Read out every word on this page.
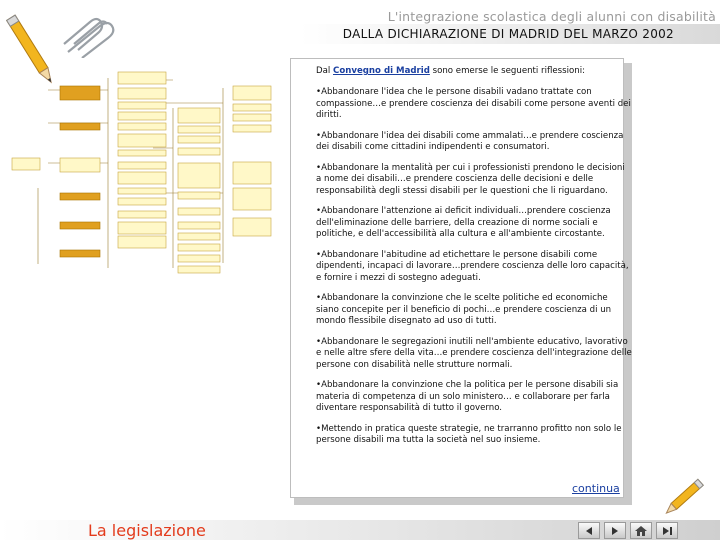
L'integrazione scolastica degli alunni con disabilità
DALLA DICHIARAZIONE DI MADRID DEL MARZO 2002

Dal Convegno di Madrid sono emerse le seguenti riflessioni:

•Abbandonare l'idea che le persone disabili vadano trattate con compassione…e prendere coscienza dei disabili come persone aventi dei diritti.

•Abbandonare l'idea dei disabili come ammalati…e prendere coscienza dei disabili come cittadini indipendenti e consumatori.

•Abbandonare la mentalità per cui i professionisti prendono le decisioni a nome dei disabili…e prendere coscienza delle decisioni e delle responsabilità degli stessi disabili per le questioni che li riguardano.

•Abbandonare l'attenzione ai deficit individuali…prendere coscienza dell'eliminazione delle barriere, della creazione di norme sociali e politiche, e dell'accessibilità alla cultura e all'ambiente circostante.

•Abbandonare l'abitudine ad etichettare le persone disabili come dipendenti, incapaci di lavorare…prendere coscienza delle loro capacità, e fornire i mezzi di sostegno adeguati.

•Abbandonare la convinzione che le scelte politiche ed economiche siano concepite per il beneficio di pochi…e prendere coscienza di un mondo flessibile disegnato ad uso di tutti.

•Abbandonare le segregazioni inutili nell'ambiente educativo, lavorativo e nelle altre sfere della vita…e prendere coscienza dell'integrazione delle persone con disabilità nelle strutture normali.

•Abbandonare la convinzione che la politica per le persone disabili sia materia di competenza di un solo ministero… e collaborare per farla diventare responsabilità di tutto il governo.

•Mettendo in pratica queste strategie, ne trarranno profitto non solo le persone disabili ma tutta la società nel suo insieme.

continua
La legislazione
